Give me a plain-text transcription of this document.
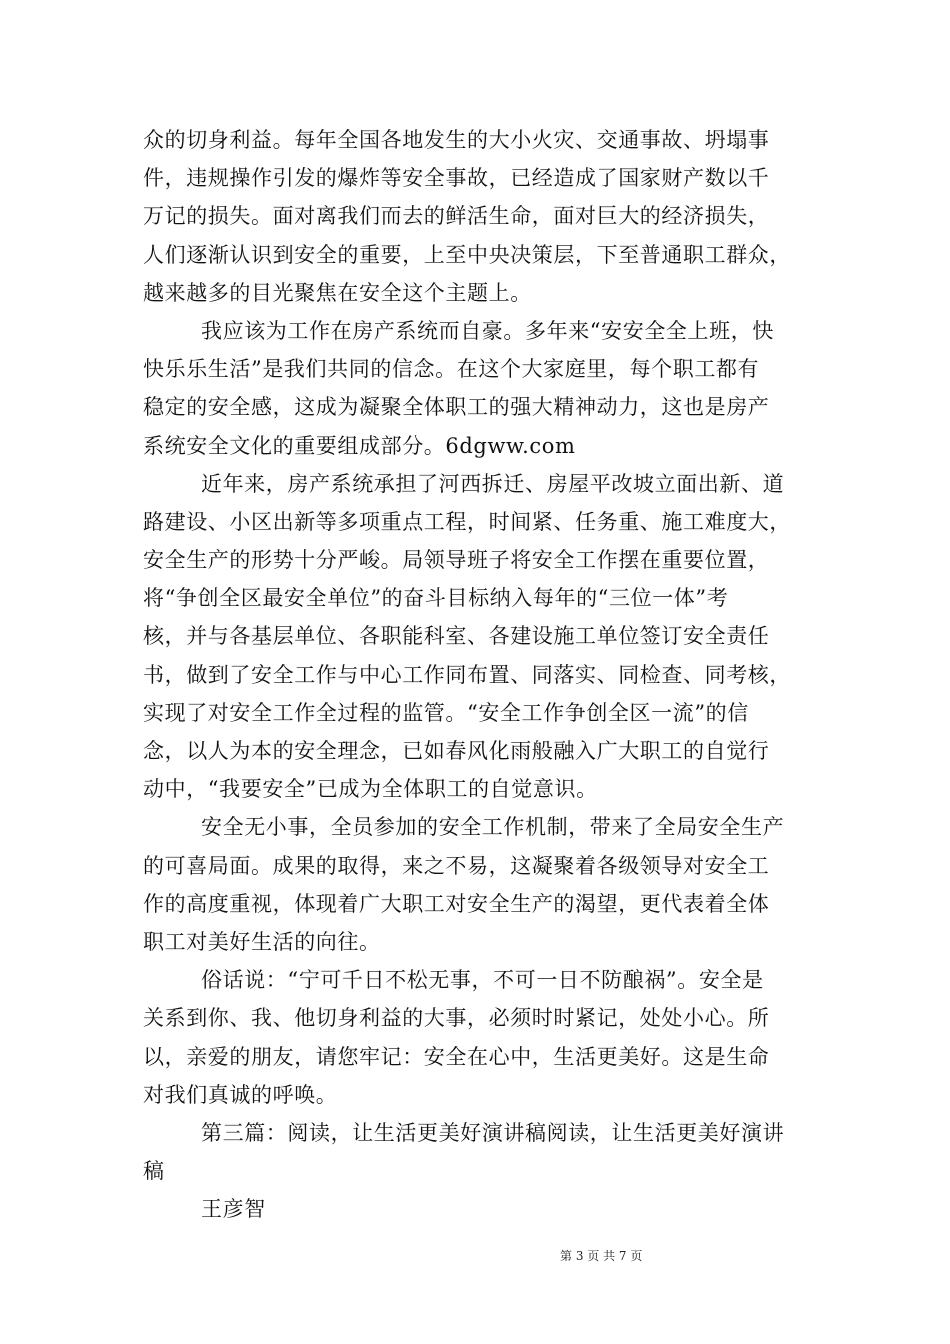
众的切身利益。每年全国各地发生的大小火灾、交通事故、坍塌事
件，违规操作引发的爆炸等安全事故，已经造成了国家财产数以千
万记的损失。面对离我们而去的鲜活生命，面对巨大的经济损失，
人们逐渐认识到安全的重要，上至中央决策层，下至普通职工群众，
越来越多的目光聚焦在安全这个主题上。
我应该为工作在房产系统而自豪。多年来“安安全全上班，快
快乐乐生活”是我们共同的信念。在这个大家庭里，每个职工都有
稳定的安全感，这成为凝聚全体职工的强大精神动力，这也是房产
系统安全文化的重要组成部分。6dgww.com
近年来，房产系统承担了河西拆迁、房屋平改坡立面出新、道
路建设、小区出新等多项重点工程，时间紧、任务重、施工难度大，
安全生产的形势十分严峻。局领导班子将安全工作摆在重要位置，
将“争创全区最安全单位”的奋斗目标纳入每年的“三位一体”考
核，并与各基层单位、各职能科室、各建设施工单位签订安全责任
书，做到了安全工作与中心工作同布置、同落实、同检查、同考核，
实现了对安全工作全过程的监管。“安全工作争创全区一流”的信
念，以人为本的安全理念，已如春风化雨般融入广大职工的自觉行
动中，“我要安全”已成为全体职工的自觉意识。
安全无小事，全员参加的安全工作机制，带来了全局安全生产
的可喜局面。成果的取得，来之不易，这凝聚着各级领导对安全工
作的高度重视，体现着广大职工对安全生产的渴望，更代表着全体
职工对美好生活的向往。
俗话说：“宁可千日不松无事，不可一日不防酿祸”。安全是
关系到你、我、他切身利益的大事，必须时时紧记，处处小心。所
以，亲爱的朋友，请您牢记：安全在心中，生活更美好。这是生命
对我们真诚的呼唤。
第三篇：阅读，让生活更美好演讲稿阅读，让生活更美好演讲
稿
王彦智
第 3 页 共 7 页
